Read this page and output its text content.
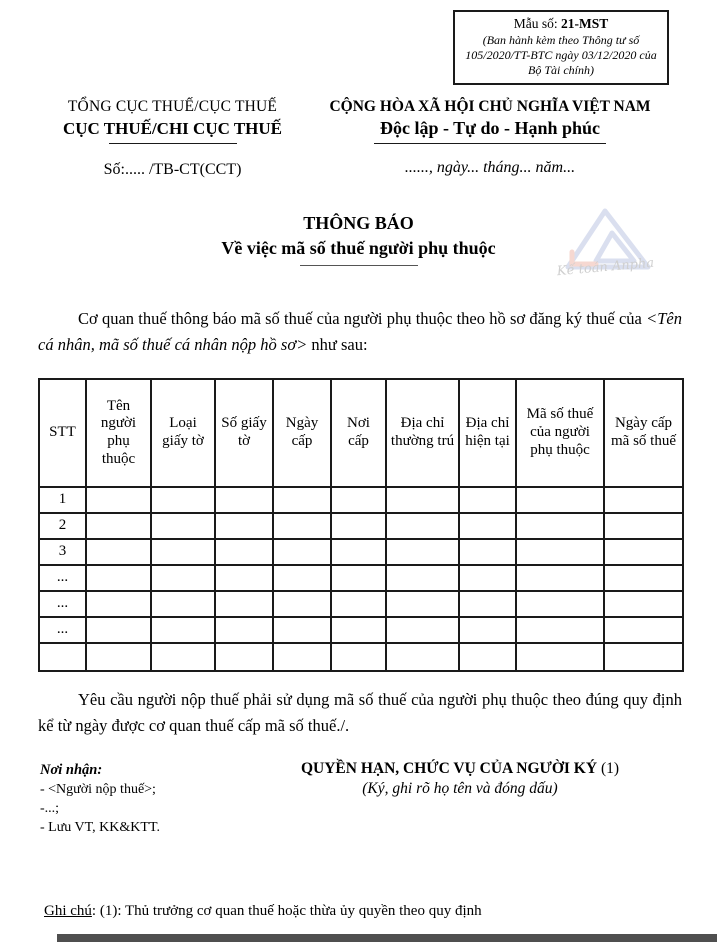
Mẫu số: 21-MST
(Ban hành kèm theo Thông tư số 105/2020/TT-BTC ngày 03/12/2020 của Bộ Tài chính)
TỔNG CỤC THUẾ/CỤC THUẾ
CỤC THUẾ/CHI CỤC THUẾ
Số:..... /TB-CT(CCT)
CỘNG HÒA XÃ HỘI CHỦ NGHĨA VIỆT NAM
Độc lập - Tự do - Hạnh phúc
......, ngày... tháng... năm...
THÔNG BÁO
Về việc mã số thuế người phụ thuộc
Kế toán Anpha

Cơ quan thuế thông báo mã số thuế của người phụ thuộc theo hồ sơ đăng ký thuế của <Tên cá nhân, mã số thuế cá nhân nộp hồ sơ> như sau:

STT	Tên người phụ thuộc	Loại giấy tờ	Số giấy tờ	Ngày cấp	Nơi cấp	Địa chỉ thường trú	Địa chỉ hiện tại	Mã số thuế của người phụ thuộc	Ngày cấp mã số thuế
1									
2									
3									
...									
...									
...									

Yêu cầu người nộp thuế phải sử dụng mã số thuế của người phụ thuộc theo đúng quy định kể từ ngày được cơ quan thuế cấp mã số thuế./.

Nơi nhận:
- <Người nộp thuế>;
-...;
- Lưu VT, KK&KTT.
QUYỀN HẠN, CHỨC VỤ CỦA NGƯỜI KÝ (1)
(Ký, ghi rõ họ tên và đóng dấu)
Ghi chú: (1): Thủ trưởng cơ quan thuế hoặc thừa ủy quyền theo quy định
